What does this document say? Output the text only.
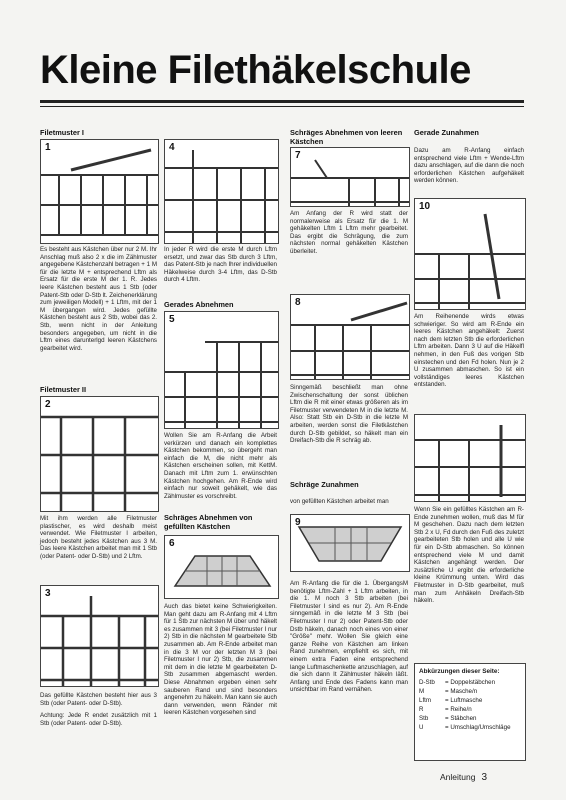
Kleine Filethäkelschule
Filetmuster I
1

Es besteht aus Kästchen über nur 2 M. Ihr Anschlag muß also 2 x die im Zählmuster angegebene Kästchenzahl betragen + 1 M für die letzte M + entsprechend Lftm als Ersatz für die erste M der 1. R. Jedes leere Kästchen besteht aus 1 Stb (oder Patent-Stb oder D-Stb lt. Zeichenerklärung zum jeweiligen Modell) + 1 Lftm, mit der 1 M übergangen wird. Jedes gefüllte Kästchen besteht aus 2 Stb, wobei das 2. Stb, wenn nicht in der Anleitung besonders angegeben, um nicht in die Lftm eines darunterlgd leeren Kästchens gearbeitet wird.

Filetmuster II
2

Mit ihm werden alle Filetmuster plastischer, es wird deshalb meist verwendet. Wie Filetmuster I arbeiten, jedoch besteht jedes Kästchen aus 3 M. Das leere Kästchen arbeitet man mit 1 Stb (oder Patent- oder D-Stb) und 2 Lftm.

3

Das gefüllte Kästchen besteht hier aus 3 Stb (oder Patent- oder D-Stb).

Achtung: Jede R endet zusätzlich mit 1 Stb (oder Patent- oder D-Stb).

4

In jeder R wird die erste M durch Lftm ersetzt, und zwar das Stb durch 3 Lftm, das Patent-Stb je nach Ihrer individuellen Häkelweise durch 3-4 Lftm, das D-Stb durch 4 Lftm.

Gerades Abnehmen
5

Wollen Sie am R-Anfang die Arbeit verkürzen und danach ein komplettes Kästchen bekommen, so übergeht man einfach die M, die nicht mehr als Kästchen erscheinen sollen, mit KettM. Danach mit Lftm zum 1. erwünschten Kästchen hochgehen. Am R-Ende wird einfach nur soweit gehäkelt, wie das Zählmuster es vorschreibt.

Schräges Abnehmen von gefüllten Kästchen
6

Auch das bietet keine Schwierigkeiten. Man geht dazu am R-Anfang mit 4 Lftm für 1 Stb zur nächsten M über und häkelt es zusammen mit 3 (bei Filetmuster I nur 2) Stb in die nächsten M gearbeitete Stb zusammen ab. Am R-Ende arbeitet man in die 3 M vor der letzten M 3 (bei Filetmuster I nur 2) Stb, die zusammen mit dem in die letzte M gearbeiteten D-Stb zusammen abgemascht werden. Diese Abnahmen ergeben einen sehr sauberen Rand und sind besonders angenehm zu häkeln. Man kann sie auch dann verwenden, wenn Ränder mit leeren Kästchen vorgesehen sind

Schräges Abnehmen von leeren Kästchen
7

Am Anfang der R wird statt der normalerweise als Ersatz für die 1. M gehäkelten Lftm 1 Lftm mehr gearbeitet. Das ergibt die Schrägung, die zum nächsten normal gehäkelten Kästchen überleitet.

8

Sinngemäß beschließt man ohne Zwischenschaltung der sonst üblichen Lftm die R mit einer etwas größeren als im Filetmuster verwendeten M in die letzte M. Also: Statt Stb ein D-Stb in die letzte M arbeiten, werden sonst die Filetkästchen durch D-Stb gebildet, so häkelt man ein Dreifach-Stb die R schräg ab.

Schräge Zunahmen

von gefüllten Kästchen arbeitet man

9

Am R-Anfang die für die 1. ÜbergangsM benötigte Lftm-Zahl + 1 Lftm arbeiten, in die 1. M noch 3 Stb arbeiten (bei Filetmuster I sind es nur 2). Am R-Ende sinngemäß in die letzte M 3 Stb (bei Filetmuster I nur 2) oder Patent-Stb oder Dstb häkeln, danach noch eines von einer "Größe" mehr. Wollen Sie gleich eine ganze Reihe von Kästchen am linken Rand zunehmen, empfiehlt es sich, mit einem extra Faden eine entsprechend lange Luftmaschenkette anzuschlagen, auf die sich dann It Zählmuster häkeln läßt. Anfang und Ende des Fadens kann man unsichtbar im Rand vernähen.

Gerade Zunahmen

Dazu am R-Anfang einfach entsprechend viele Lftm + Wende-Lftm dazu anschlagen, auf die dann die noch erforderlichen Kästchen aufgehäkelt werden können.

10

Am Reihenende wirds etwas schwieriger. So wird am R-Ende ein leeres Kästchen angehäkelt: Zuerst nach dem letzten Stb die erforderlichen Lftm arbeiten. Dann 3 U auf die Häkelfl nehmen, in den Fuß des vorigen Stb einstechen und den Fd holen. Nun je 2 U zusammen abmaschen. So ist ein vollständiges leeres Kästchen entstanden.

Wenn Sie ein gefülltes Kästchen am R-Ende zunehmen wollen, muß das M für M geschehen. Dazu nach dem letzten Stb 2 x U, Fd durch den Fuß des zuletzt gearbeiteten Stb holen und alle U wie für ein D-Stb abmaschen. So können entsprechend viele M und damit Kästchen angehängt werden. Der zusätzliche U ergibt die erforderliche kleine Krümmung unten. Wird das Filetmuster in D-Stb gearbeitet, muß man zum Anhäkeln Dreifach-Stb häkeln.

Abkürzungen dieser Seite:
D-Stb	= Doppelstäbchen
M	= Masche/n
Lftm	= Luftmasche
R	= Reihe/n
Stb	= Stäbchen
U	= Umschlag/Umschläge
Anleitung 3
